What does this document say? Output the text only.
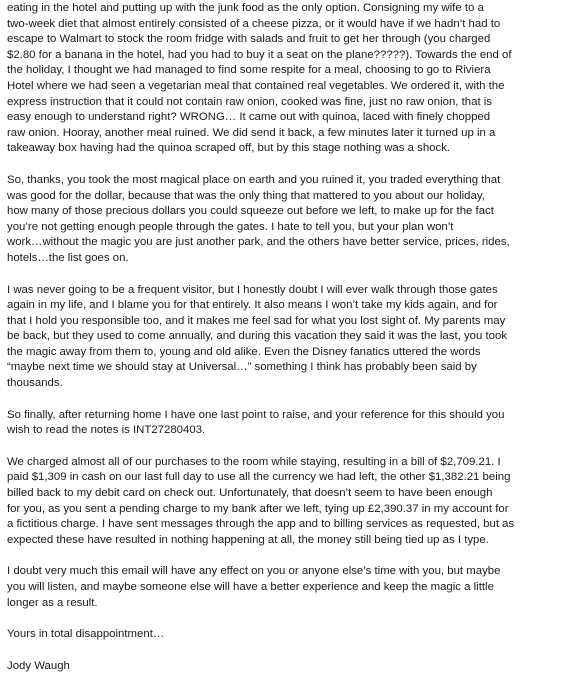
eating in the hotel and putting up with the junk food as the only option. Consigning my wife to a
two-week diet that almost entirely consisted of a cheese pizza, or it would have if we hadn’t had to
escape to Walmart to stock the room fridge with salads and fruit to get her through (you charged
$2.80 for a banana in the hotel, had you had to buy it a seat on the plane?????). Towards the end of
the holiday, I thought we had managed to find some respite for a meal, choosing to go to Riviera
Hotel where we had seen a vegetarian meal that contained real vegetables. We ordered it, with the
express instruction that it could not contain raw onion, cooked was fine, just no raw onion, that is
easy enough to understand right? WRONG… It came out with quinoa, laced with finely chopped
raw onion. Hooray, another meal ruined. We did send it back, a few minutes later it turned up in a
takeaway box having had the quinoa scraped off, but by this stage nothing was a shock.

So, thanks, you took the most magical place on earth and you ruined it, you traded everything that
was good for the dollar, because that was the only thing that mattered to you about our holiday,
how many of those precious dollars you could squeeze out before we left, to make up for the fact
you’re not getting enough people through the gates. I hate to tell you, but your plan won’t
work…without the magic you are just another park, and the others have better service, prices, rides,
hotels…the list goes on.

I was never going to be a frequent visitor, but I honestly doubt I will ever walk through those gates
again in my life, and I blame you for that entirely. It also means I won’t take my kids again, and for
that I hold you responsible too, and it makes me feel sad for what you lost sight of. My parents may
be back, but they used to come annually, and during this vacation they said it was the last, you took
the magic away from them to, young and old alike. Even the Disney fanatics uttered the words
“maybe next time we should stay at Universal…” something I think has probably been said by
thousands.

So finally, after returning home I have one last point to raise, and your reference for this should you
wish to read the notes is INT27280403.

We charged almost all of our purchases to the room while staying, resulting in a bill of $2,709.21. I
paid $1,309 in cash on our last full day to use all the currency we had left, the other $1,382.21 being
billed back to my debit card on check out. Unfortunately, that doesn’t seem to have been enough
for you, as you sent a pending charge to my bank after we left, tying up £2,390.37 in my account for
a fictitious charge. I have sent messages through the app and to billing services as requested, but as
expected these have resulted in nothing happening at all, the money still being tied up as I type.

I doubt very much this email will have any effect on you or anyone else’s time with you, but maybe
you will listen, and maybe someone else will have a better experience and keep the magic a little
longer as a result.

Yours in total disappointment…

Jody Waugh
